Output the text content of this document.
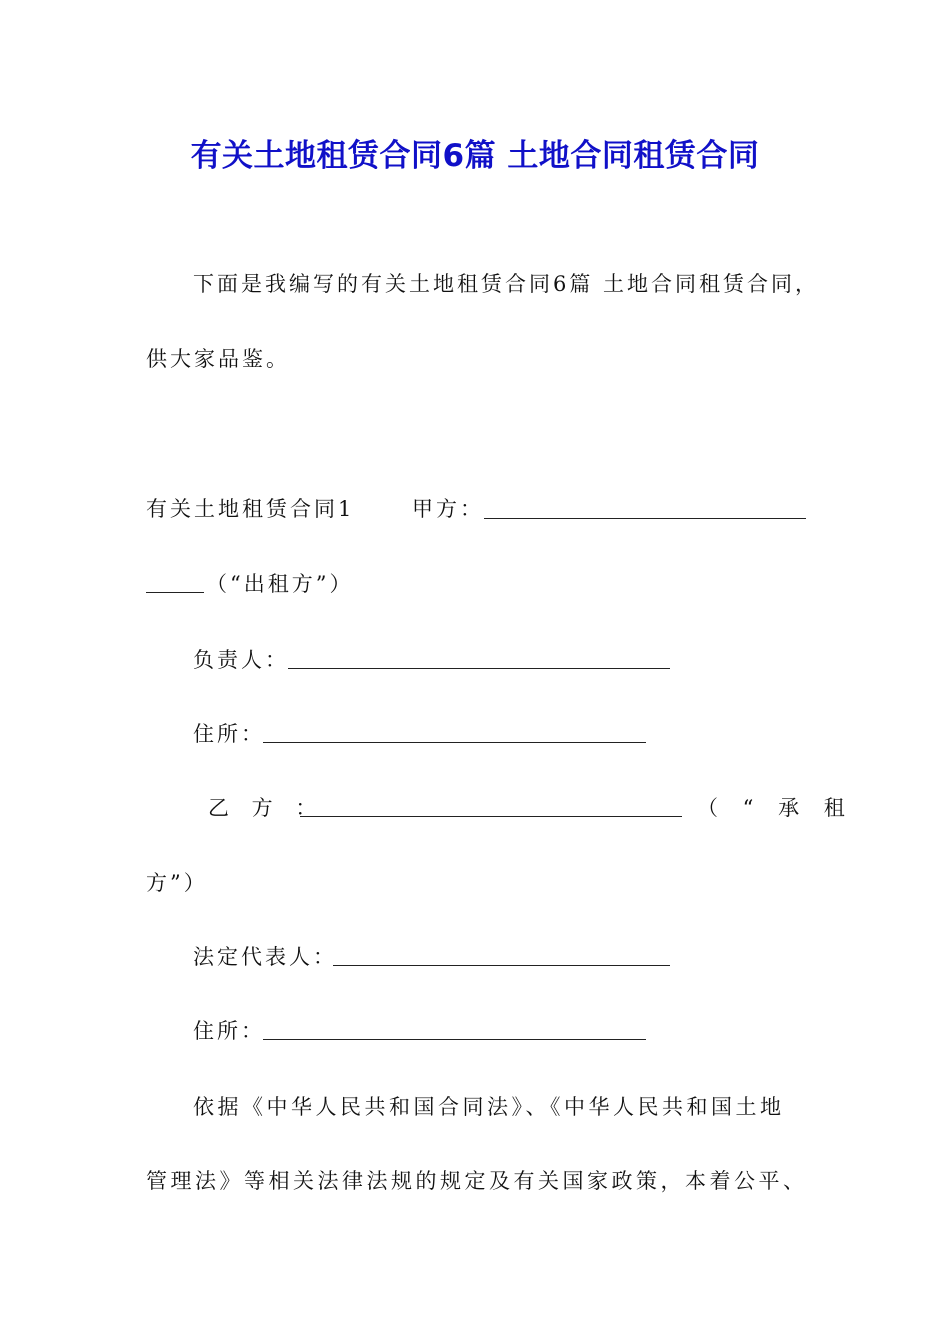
有关土地租赁合同6篇 土地合同租赁合同
下面是我编写的有关土地租赁合同6篇 土地合同租赁合同，
供大家品鉴。
有关土地租赁合同1	甲方：
（“出租方”）
负责人：
住所：
乙 方 ：	（ “ 承 租
方”）
法定代表人：
住所：
依据《中华人民共和国合同法》、《中华人民共和国土地
管理法》等相关法律法规的规定及有关国家政策，本着公平、
